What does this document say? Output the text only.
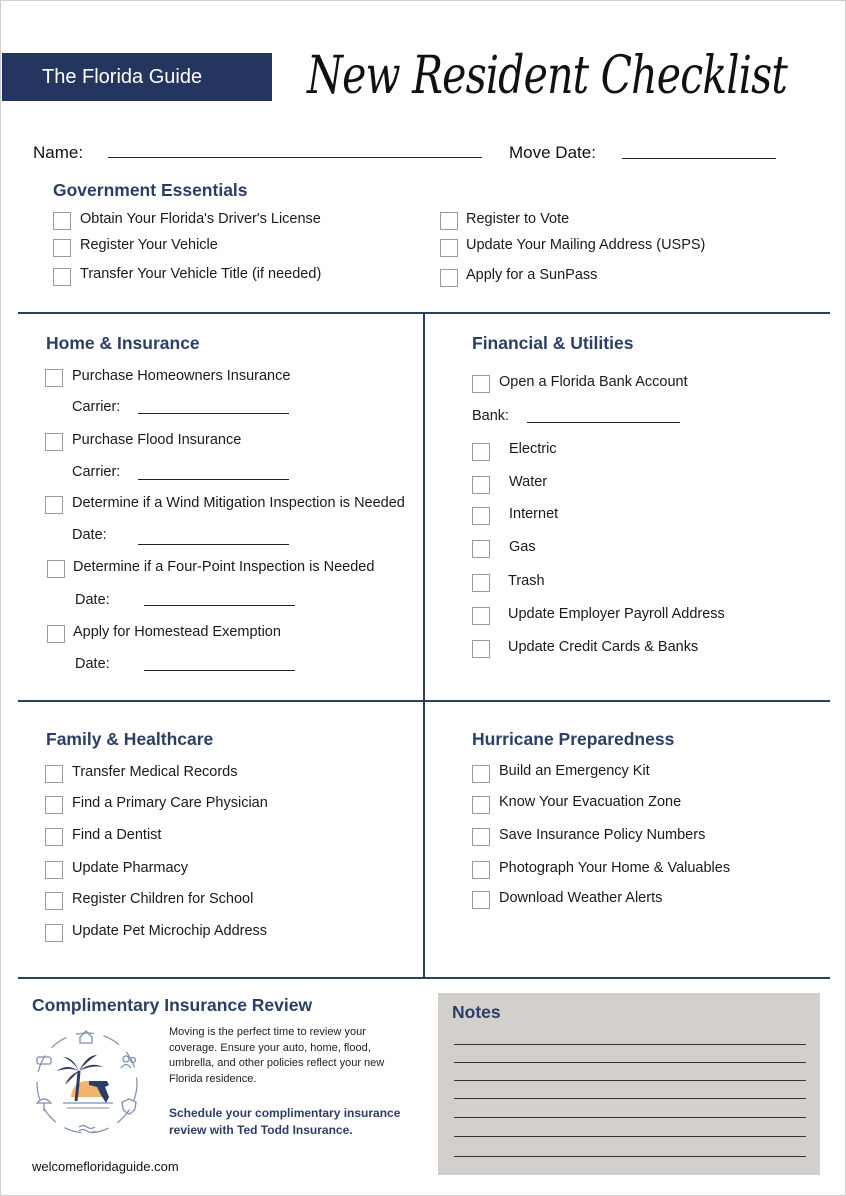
The Florida Guide	New Resident Checklist
Name:	Move Date:
Government Essentials
Obtain Your Florida's Driver's License
Register Your Vehicle
Transfer Your Vehicle Title (if needed)
Register to Vote
Update Your Mailing Address (USPS)
Apply for a SunPass
Home & Insurance
Purchase Homeowners Insurance
Carrier:
Purchase Flood Insurance
Carrier:
Determine if a Wind Mitigation Inspection is Needed
Date:
Determine if a Four-Point Inspection is Needed
Date:
Apply for Homestead Exemption
Date:
Financial & Utilities
Open a Florida Bank Account
Bank:
Electric
Water
Internet
Gas
Trash
Update Employer Payroll Address
Update Credit Cards & Banks
Family & Healthcare
Transfer Medical Records
Find a Primary Care Physician
Find a Dentist
Update Pharmacy
Register Children for School
Update Pet Microchip Address
Hurricane Preparedness
Build an Emergency Kit
Know Your Evacuation Zone
Save Insurance Policy Numbers
Photograph Your Home & Valuables
Download Weather Alerts
Complimentary Insurance Review
Moving is the perfect time to review your coverage. Ensure your auto, home, flood, umbrella, and other policies reflect your new Florida residence.
Schedule your complimentary insurance review with Ted Todd Insurance.
welcomefloridaguide.com
Notes
